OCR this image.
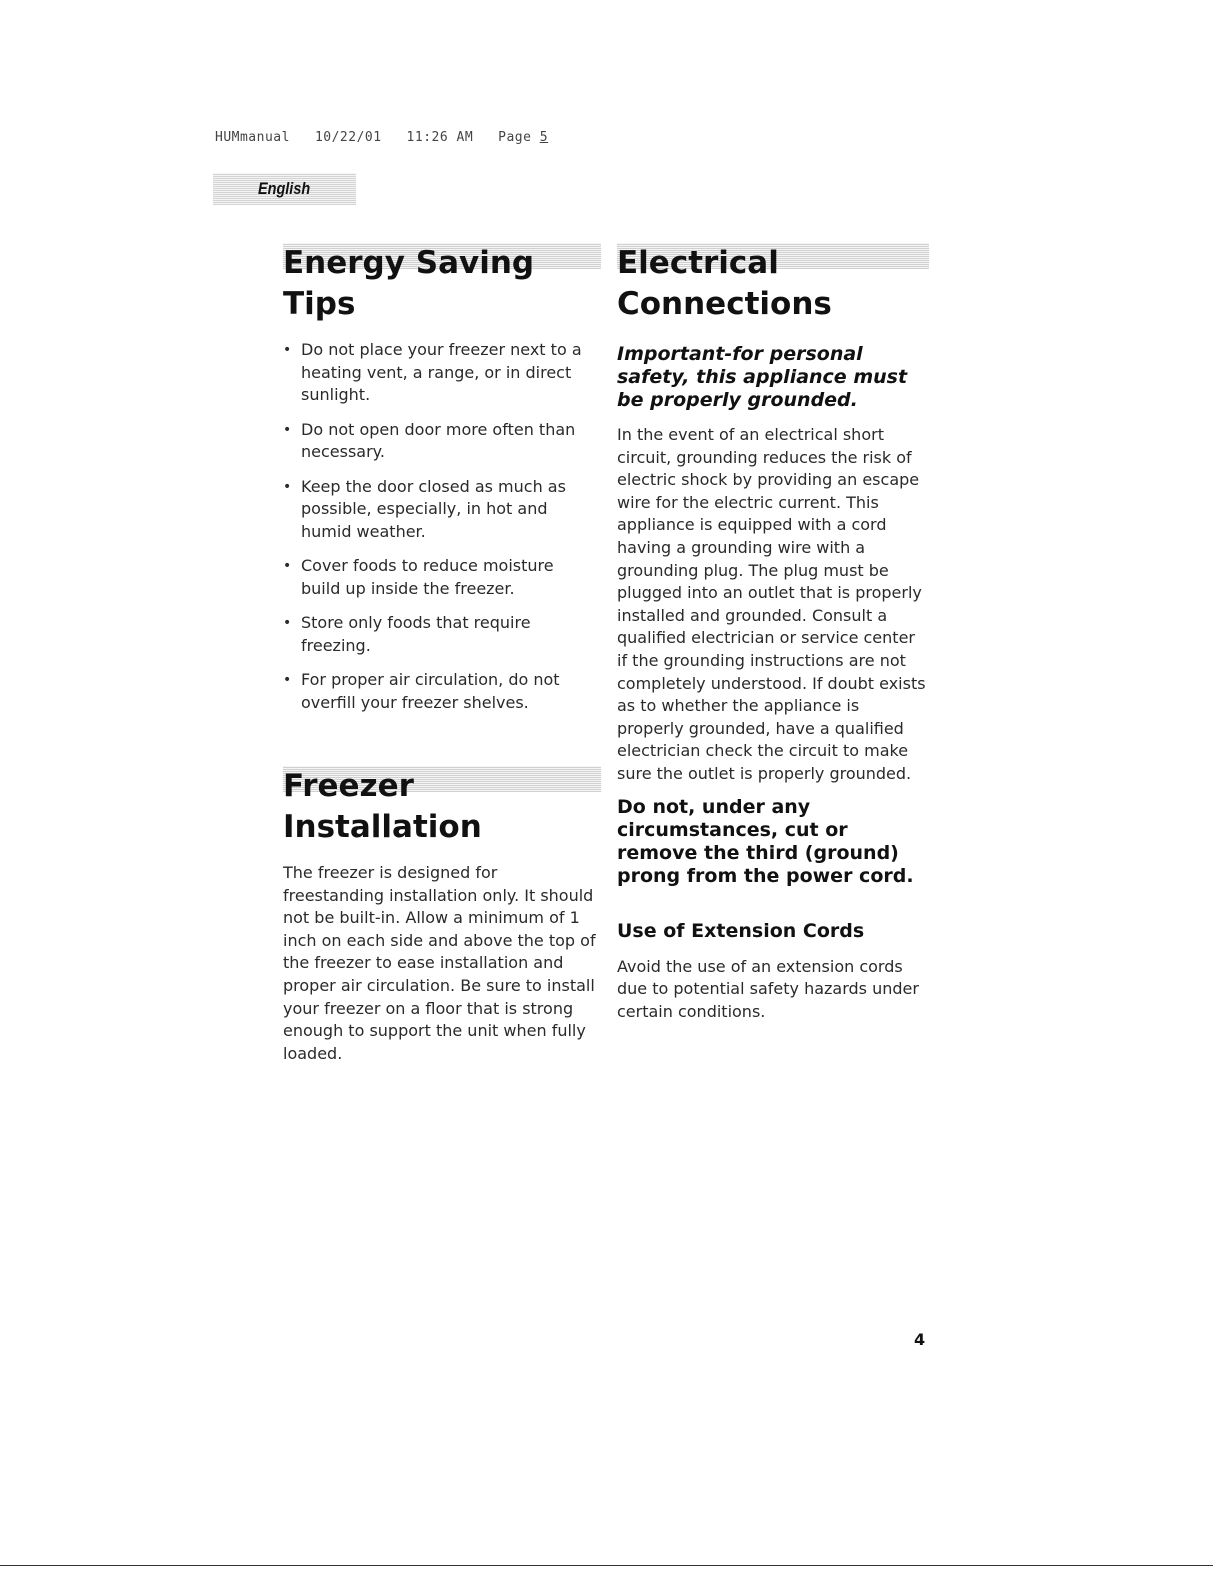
HUMmanual 10/22/01 11:26 AM Page 5
English
Energy Saving Tips
• Do not place your freezer next to a heating vent, a range, or in direct sunlight.
• Do not open door more often than necessary.
• Keep the door closed as much as possible, especially, in hot and humid weather.
• Cover foods to reduce moisture build up inside the freezer.
• Store only foods that require freezing.
• For proper air circulation, do not overfill your freezer shelves.
Freezer
Installation

The freezer is designed for freestanding installation only. It should not be built-in. Allow a minimum of 1 inch on each side and above the top of the freezer to ease installation and proper air circulation. Be sure to install your freezer on a floor that is strong enough to support the unit when fully loaded.

Electrical
Connections

Important-for personal safety, this appliance must be properly grounded.

In the event of an electrical short circuit, grounding reduces the risk of electric shock by providing an escape wire for the electric current. This appliance is equipped with a cord having a grounding wire with a grounding plug. The plug must be plugged into an outlet that is properly installed and grounded. Consult a qualified electrician or service center if the grounding instructions are not completely understood. If doubt exists as to whether the appliance is properly grounded, have a qualified electrician check the circuit to make sure the outlet is properly grounded.

Do not, under any circumstances, cut or remove the third (ground) prong from the power cord.

Use of Extension Cords

Avoid the use of an extension cords due to potential safety hazards under certain conditions.

4
